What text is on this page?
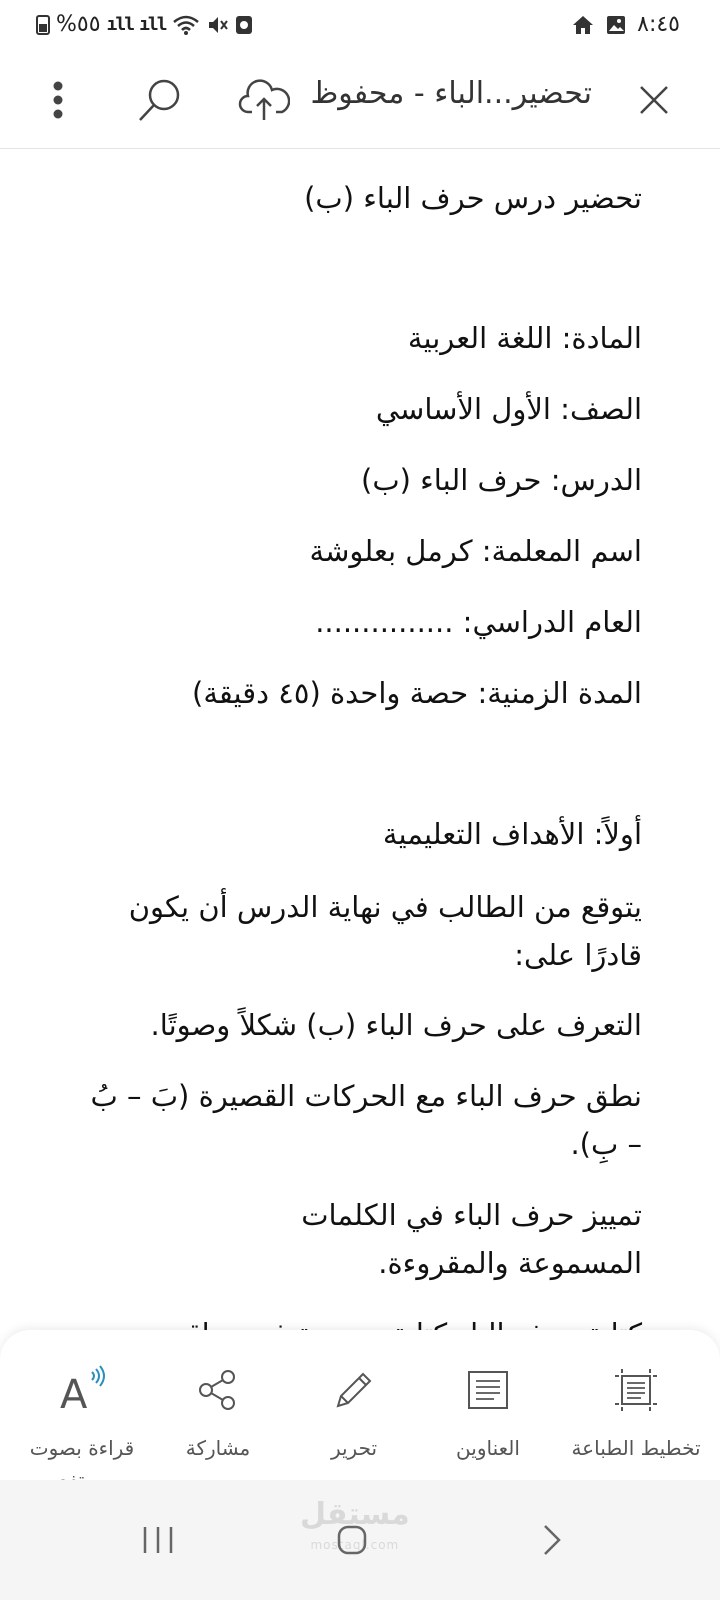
%٥٥ ıll ıll	٨:٤٥
تحضير...الباء - محفوظ

تحضير درس حرف الباء (ب)

المادة: اللغة العربية

الصف: الأول الأساسي

الدرس: حرف الباء (ب)

اسم المعلمة: كرمل بعلوشة

العام الدراسي: ...............

المدة الزمنية: حصة واحدة (٤٥ دقيقة)

أولاً: الأهداف التعليمية

يتوقع من الطالب في نهاية الدرس أن يكون قادرًا على:

التعرف على حرف الباء (ب) شكلاً وصوتًا.

نطق حرف الباء مع الحركات القصيرة (بَ – بُ – بِ).

تمييز حرف الباء في الكلمات المسموعة والمقروءة.

تخطيط الطباعة
العناوين
تحرير
مشاركة
A
قراءة بصوت
مستقل
mostaql.com
